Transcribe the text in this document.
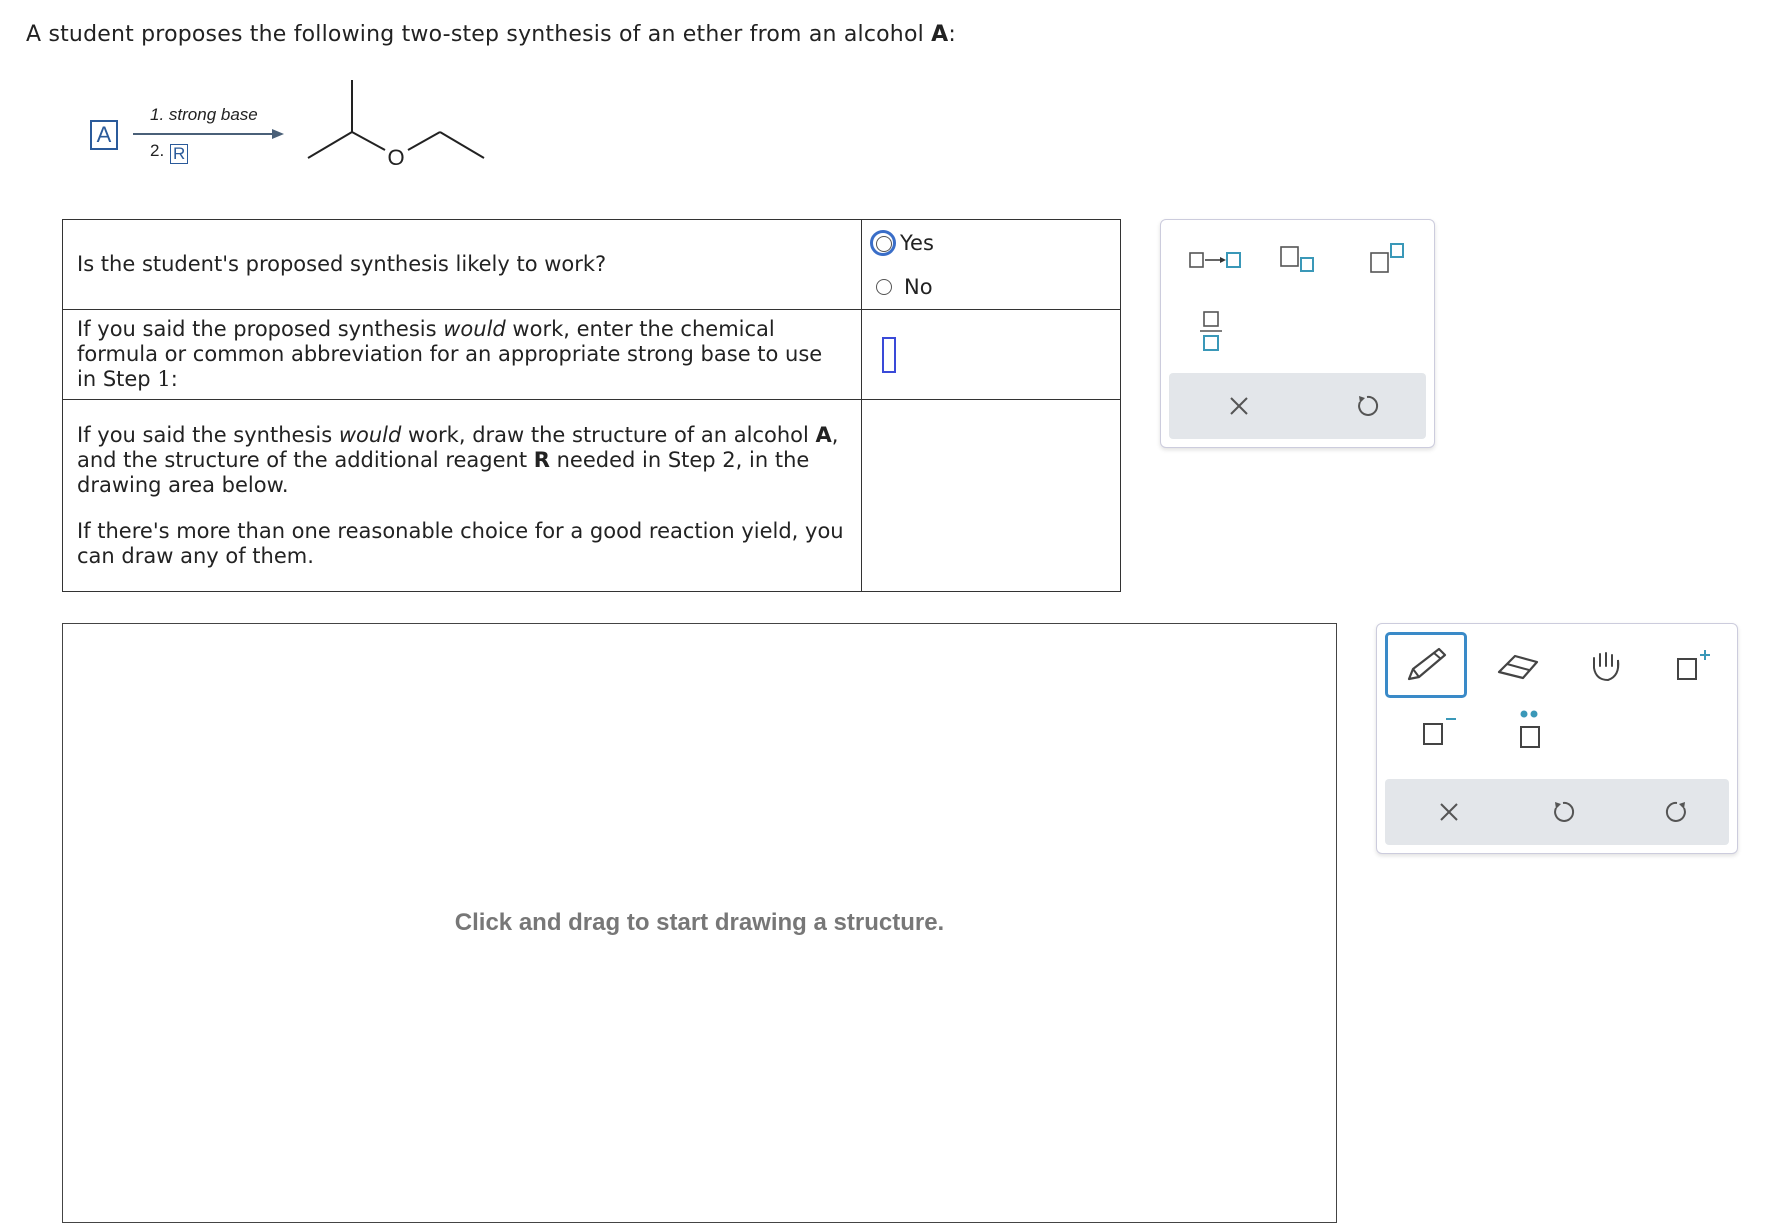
A student proposes the following two-step synthesis of an ether from an alcohol A:
A
1. strong base
2. R	O

Is the student's proposed synthesis likely to work?	Yes
No

If you said the proposed synthesis would work, enter the chemical formula or common abbreviation for an appropriate strong base to use in Step 1:	

If you said the synthesis would work, draw the structure of an alcohol A, and the structure of the additional reagent R needed in Step 2, in the drawing area below.

If there's more than one reasonable choice for a good reaction yield, you can draw any of them.	

Click and drag to start drawing a structure.
